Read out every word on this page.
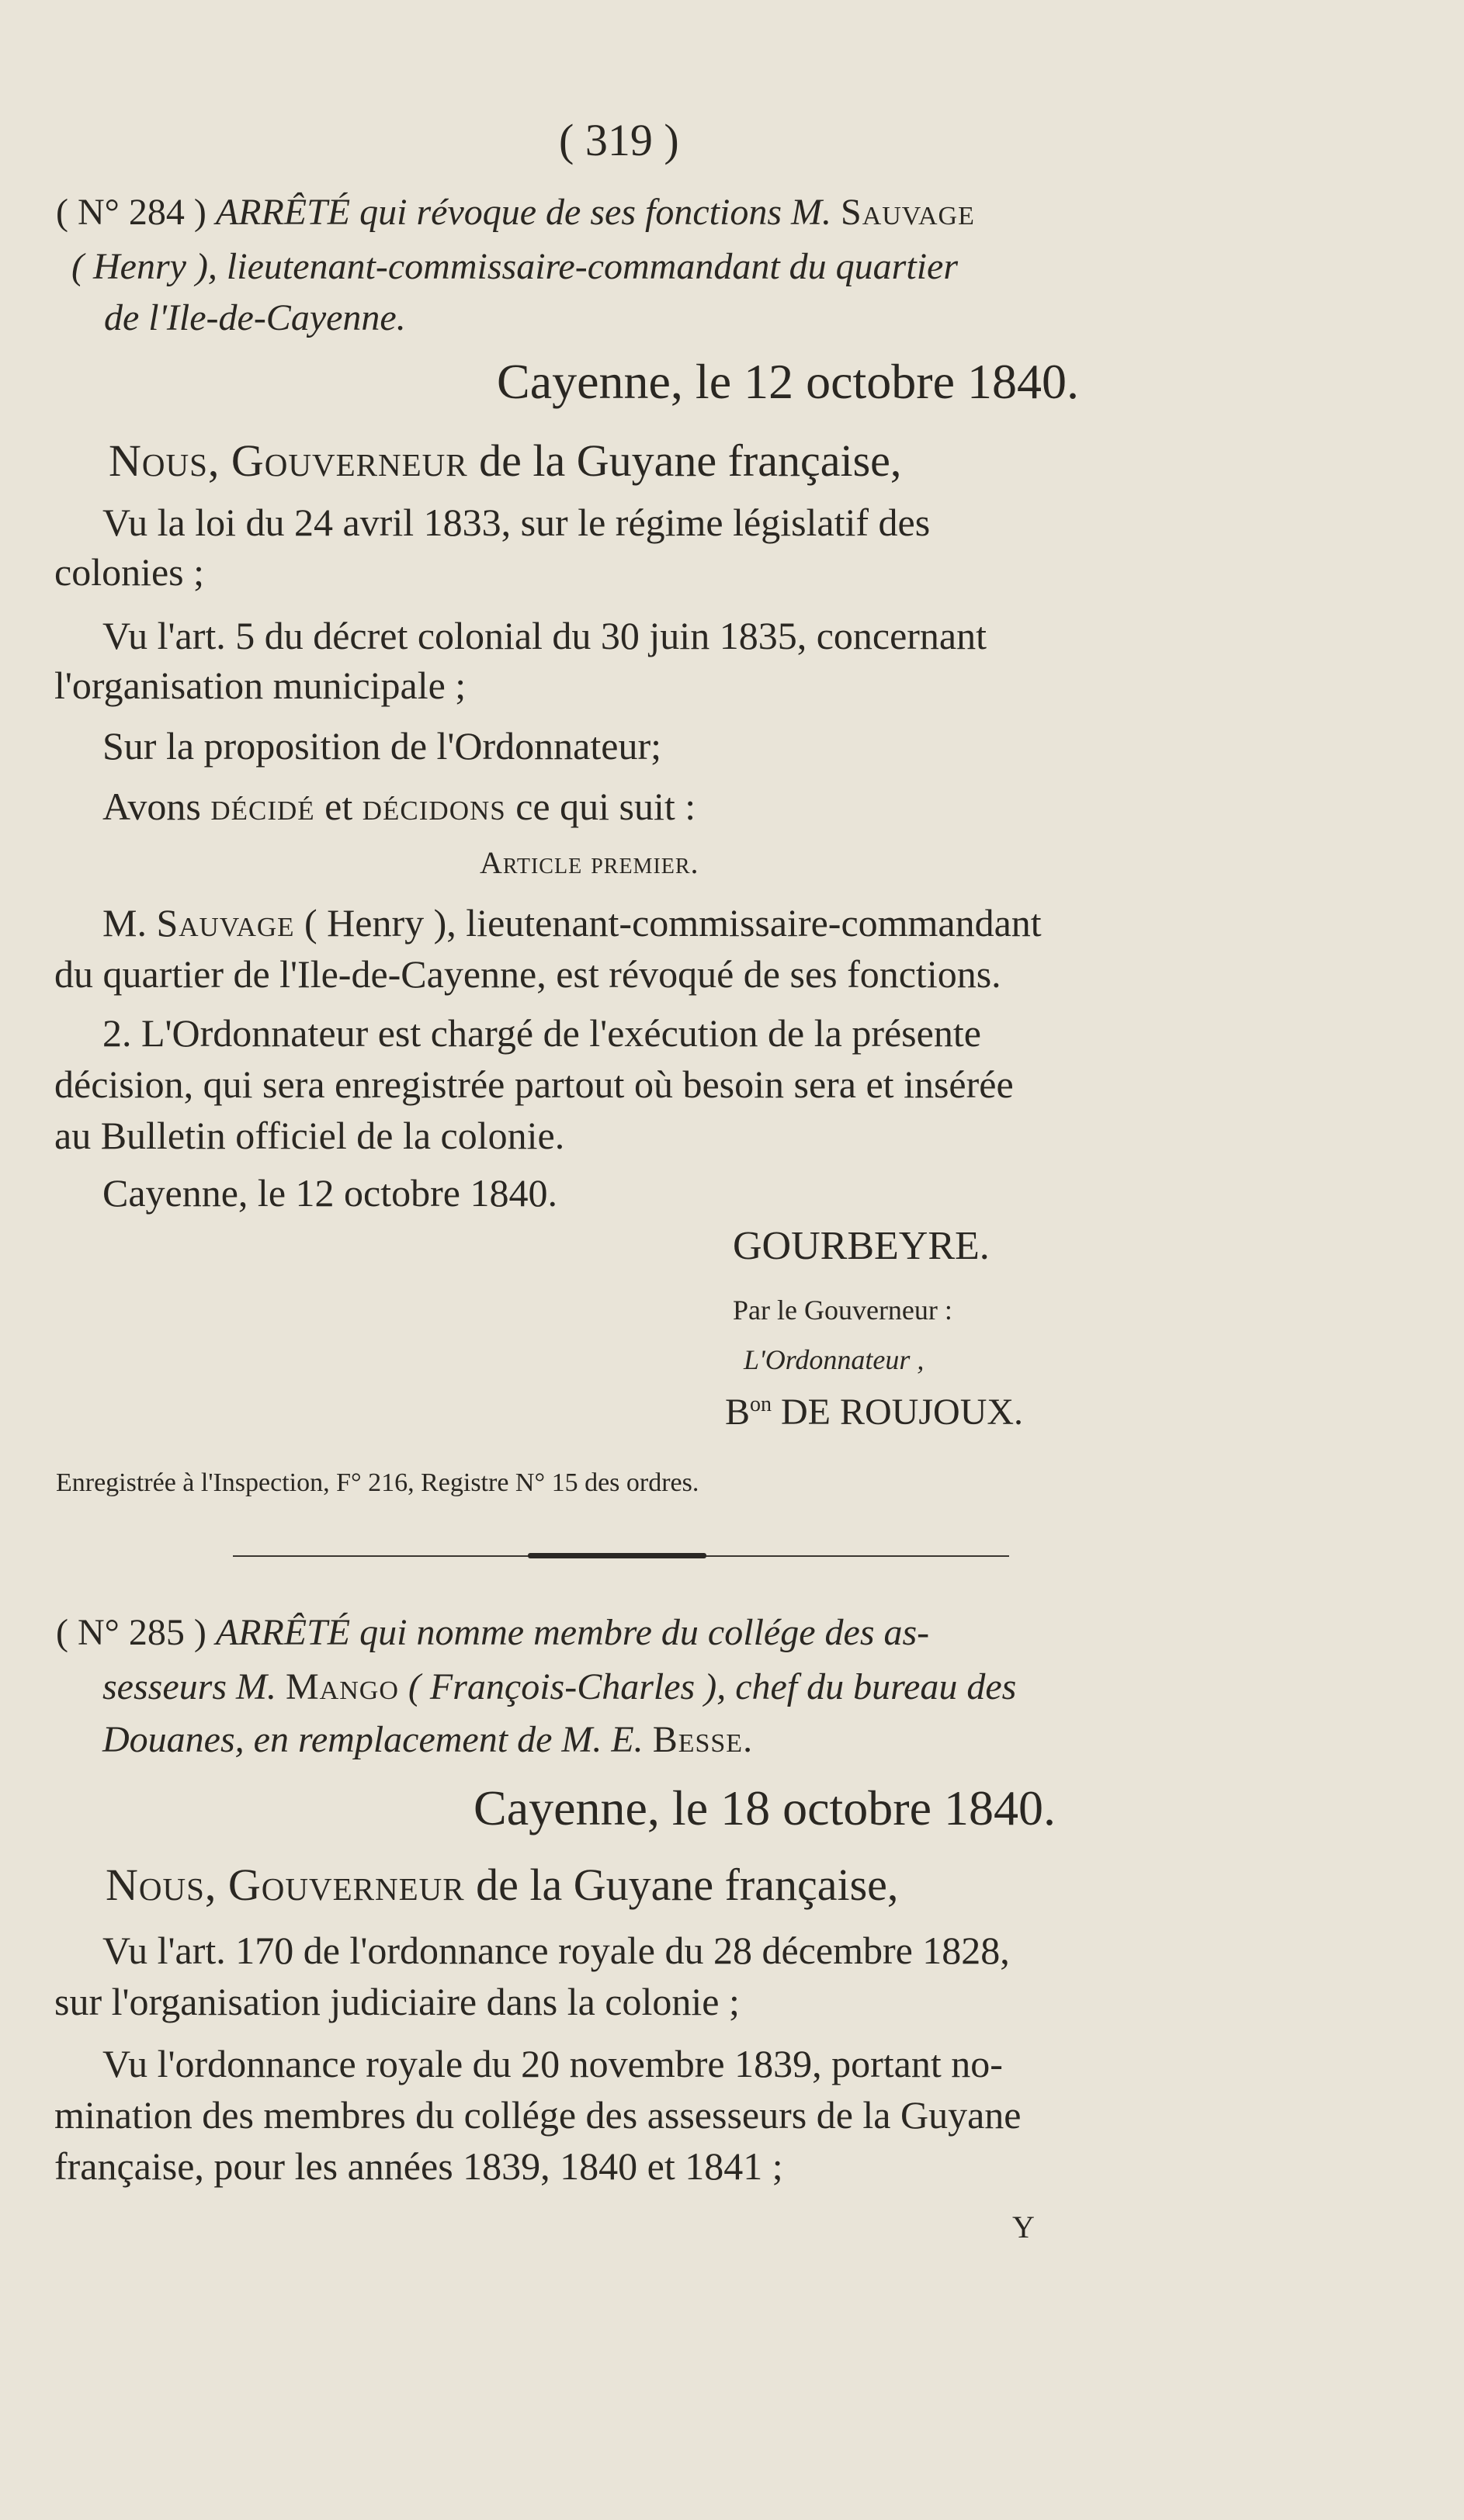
( 319 )
( N° 284 ) ARRÊTÉ qui révoque de ses fonctions M. Sauvage
( Henry ), lieutenant-commissaire-commandant du quartier
de l'Ile-de-Cayenne.
Cayenne, le 12 octobre 1840.
Nous, Gouverneur de la Guyane française,
Vu la loi du 24 avril 1833, sur le régime législatif des
colonies ;
Vu l'art. 5 du décret colonial du 30 juin 1835, concernant
l'organisation municipale ;
Sur la proposition de l'Ordonnateur;
Avons décidé et décidons ce qui suit :
Article premier.
M. Sauvage ( Henry ), lieutenant-commissaire-commandant
du quartier de l'Ile-de-Cayenne, est révoqué de ses fonctions.
2. L'Ordonnateur est chargé de l'exécution de la présente
décision, qui sera enregistrée partout où besoin sera et insérée
au Bulletin officiel de la colonie.
Cayenne, le 12 octobre 1840.
GOURBEYRE.
Par le Gouverneur :
L'Ordonnateur ,
$B^{on}$ DE ROUJOUX.
Enregistrée à l'Inspection, F° 216, Registre N° 15 des ordres.
( N° 285 ) ARRÊTÉ qui nomme membre du collége des as-
sesseurs M. Mango ( François-Charles ), chef du bureau des
Douanes, en remplacement de M. E. Besse.
Cayenne, le 18 octobre 1840.
Nous, Gouverneur de la Guyane française,
Vu l'art. 170 de l'ordonnance royale du 28 décembre 1828,
sur l'organisation judiciaire dans la colonie ;
Vu l'ordonnance royale du 20 novembre 1839, portant no-
mination des membres du collége des assesseurs de la Guyane
française, pour les années 1839, 1840 et 1841 ;
Y
